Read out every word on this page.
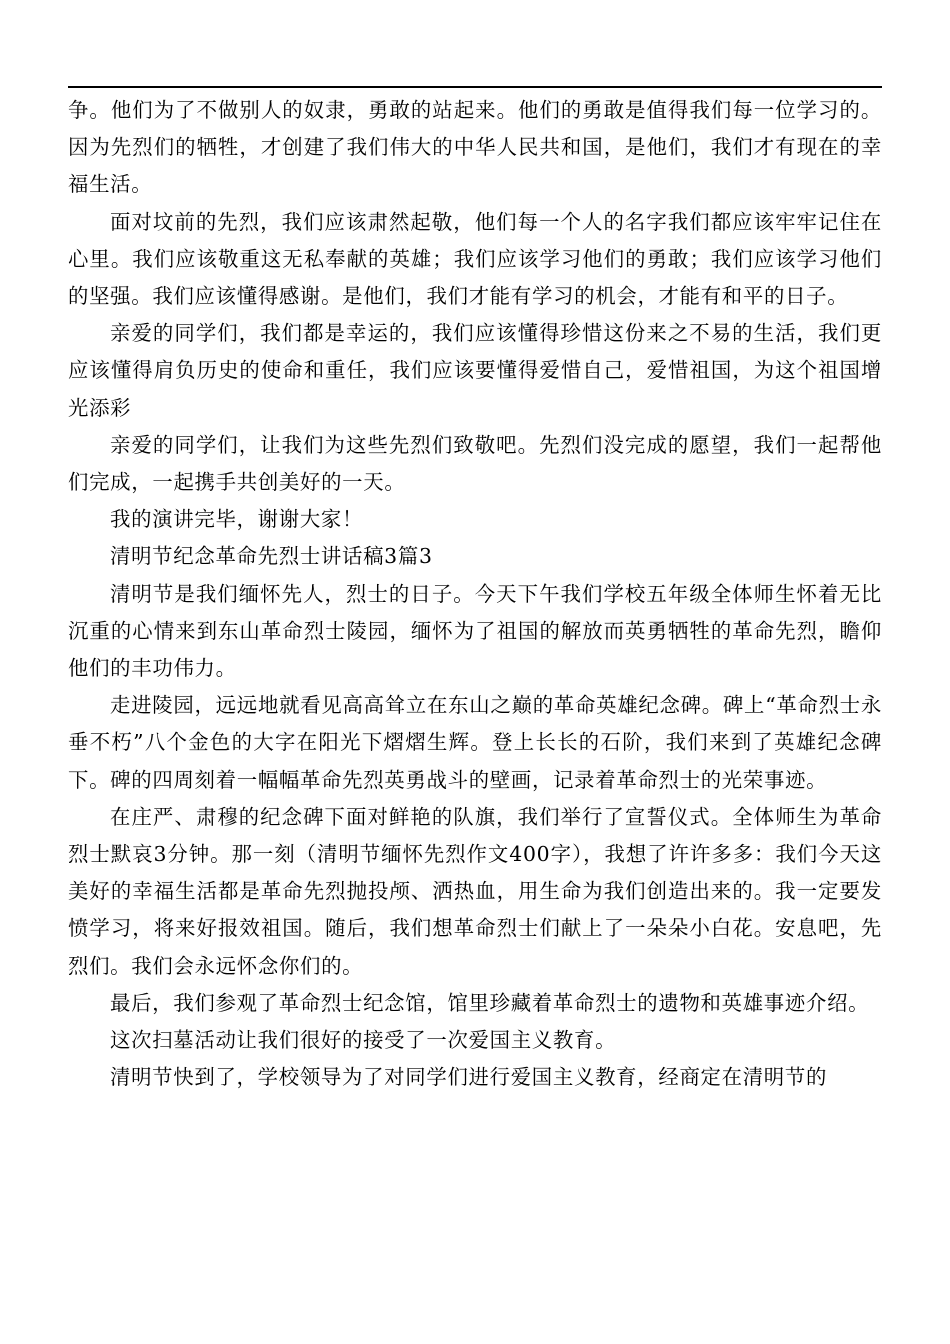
争。他们为了不做别人的奴隶，勇敢的站起来。他们的勇敢是值得我们每一位学习的。因为先烈们的牺牲，才创建了我们伟大的中华人民共和国，是他们，我们才有现在的幸福生活。

面对坟前的先烈，我们应该肃然起敬，他们每一个人的名字我们都应该牢牢记住在心里。我们应该敬重这无私奉献的英雄；我们应该学习他们的勇敢；我们应该学习他们的坚强。我们应该懂得感谢。是他们，我们才能有学习的机会，才能有和平的日子。

亲爱的同学们，我们都是幸运的，我们应该懂得珍惜这份来之不易的生活，我们更应该懂得肩负历史的使命和重任，我们应该要懂得爱惜自己，爱惜祖国，为这个祖国增光添彩

亲爱的同学们，让我们为这些先烈们致敬吧。先烈们没完成的愿望，我们一起帮他们完成，一起携手共创美好的一天。

我的演讲完毕，谢谢大家！

清明节纪念革命先烈士讲话稿3篇3

清明节是我们缅怀先人，烈士的日子。今天下午我们学校五年级全体师生怀着无比沉重的心情来到东山革命烈士陵园，缅怀为了祖国的解放而英勇牺牲的革命先烈，瞻仰他们的丰功伟力。

走进陵园，远远地就看见高高耸立在东山之巅的革命英雄纪念碑。碑上“革命烈士永垂不朽”八个金色的大字在阳光下熠熠生辉。登上长长的石阶，我们来到了英雄纪念碑下。碑的四周刻着一幅幅革命先烈英勇战斗的壁画，记录着革命烈士的光荣事迹。

在庄严、肃穆的纪念碑下面对鲜艳的队旗，我们举行了宣誓仪式。全体师生为革命烈士默哀3分钟。那一刻（清明节缅怀先烈作文400字），我想了许许多多：我们今天这美好的幸福生活都是革命先烈抛投颅、洒热血，用生命为我们创造出来的。我一定要发愤学习，将来好报效祖国。随后，我们想革命烈士们献上了一朵朵小白花。安息吧，先烈们。我们会永远怀念你们的。

最后，我们参观了革命烈士纪念馆，馆里珍藏着革命烈士的遗物和英雄事迹介绍。

这次扫墓活动让我们很好的接受了一次爱国主义教育。

清明节快到了，学校领导为了对同学们进行爱国主义教育，经商定在清明节的
